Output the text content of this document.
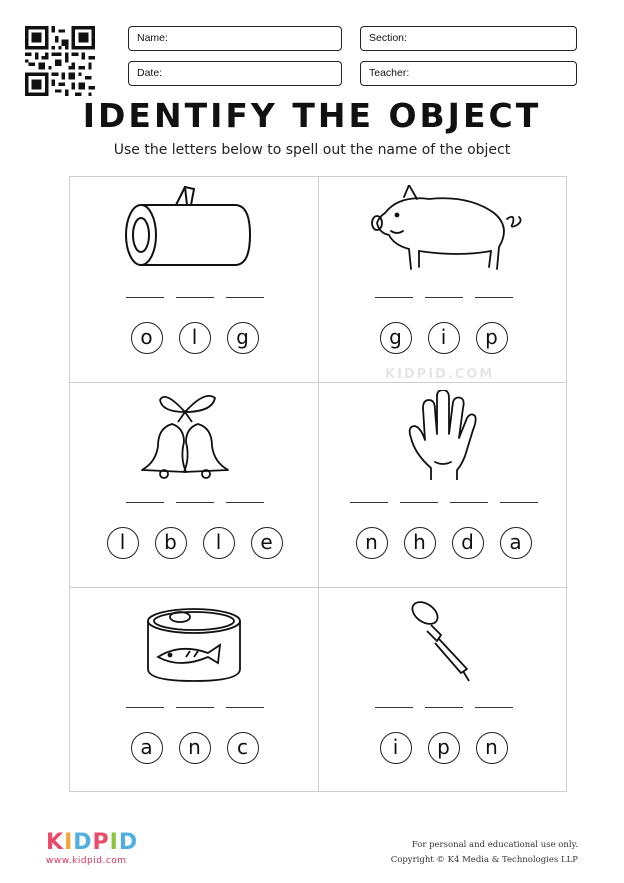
Name:	Section:
Date:	Teacher:
IDENTIFY THE OBJECT
Use the letters below to spell out the name of the object
o l g	g i p
l b l e	n h d a
a n c	i p n
KIDPID.COM
KIDPID
www.kidpid.com
For personal and educational use only.
Copyright © K4 Media & Technologies LLP
